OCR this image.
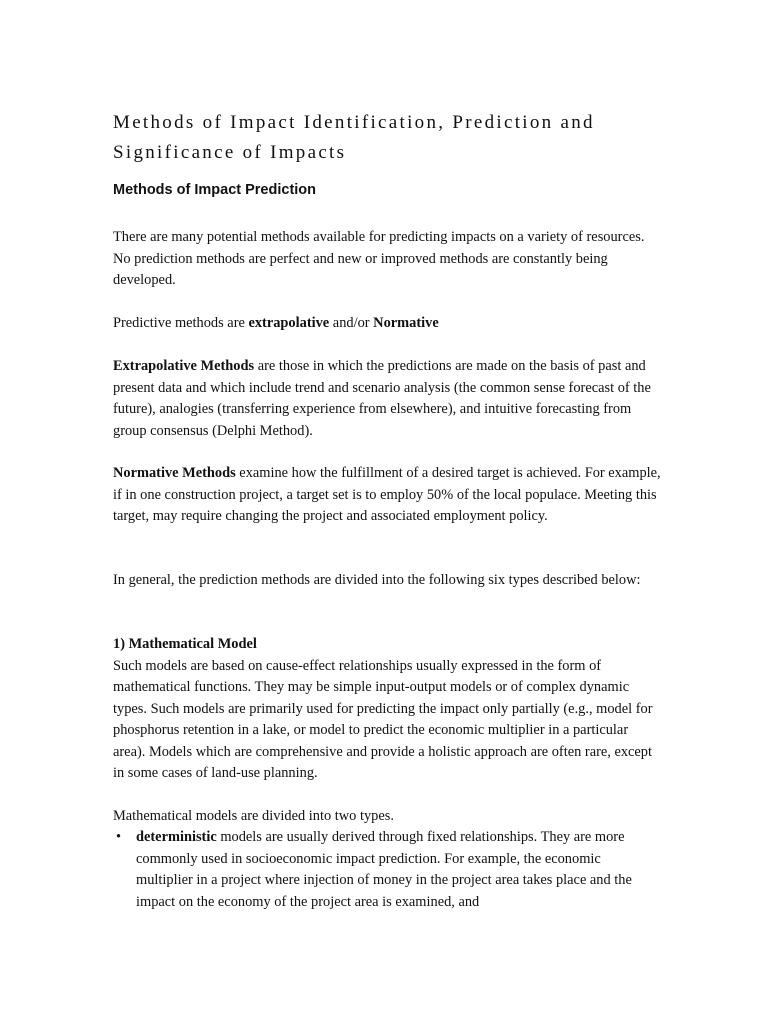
Methods of Impact Identification, Prediction and Significance of Impacts
Methods of Impact Prediction

There are many potential methods available for predicting impacts on a variety of resources. No prediction methods are perfect and new or improved methods are constantly being developed.

Predictive methods are extrapolative and/or Normative

Extrapolative Methods are those in which the predictions are made on the basis of past and present data and which include trend and scenario analysis (the common sense forecast of the future), analogies (transferring experience from elsewhere), and intuitive forecasting from group consensus (Delphi Method).

Normative Methods examine how the fulfillment of a desired target is achieved. For example, if in one construction project, a target set is to employ 50% of the local populace. Meeting this target, may require changing the project and associated employment policy.

In general, the prediction methods are divided into the following six types described below:

1) Mathematical Model
Such models are based on cause-effect relationships usually expressed in the form of mathematical functions. They may be simple input-output models or of complex dynamic types. Such models are primarily used for predicting the impact only partially (e.g., model for phosphorus retention in a lake, or model to predict the economic multiplier in a particular area). Models which are comprehensive and provide a holistic approach are often rare, except in some cases of land-use planning.

Mathematical models are divided into two types.

• deterministic models are usually derived through fixed relationships. They are more commonly used in socioeconomic impact prediction. For example, the economic multiplier in a project where injection of money in the project area takes place and the impact on the economy of the project area is examined, and
